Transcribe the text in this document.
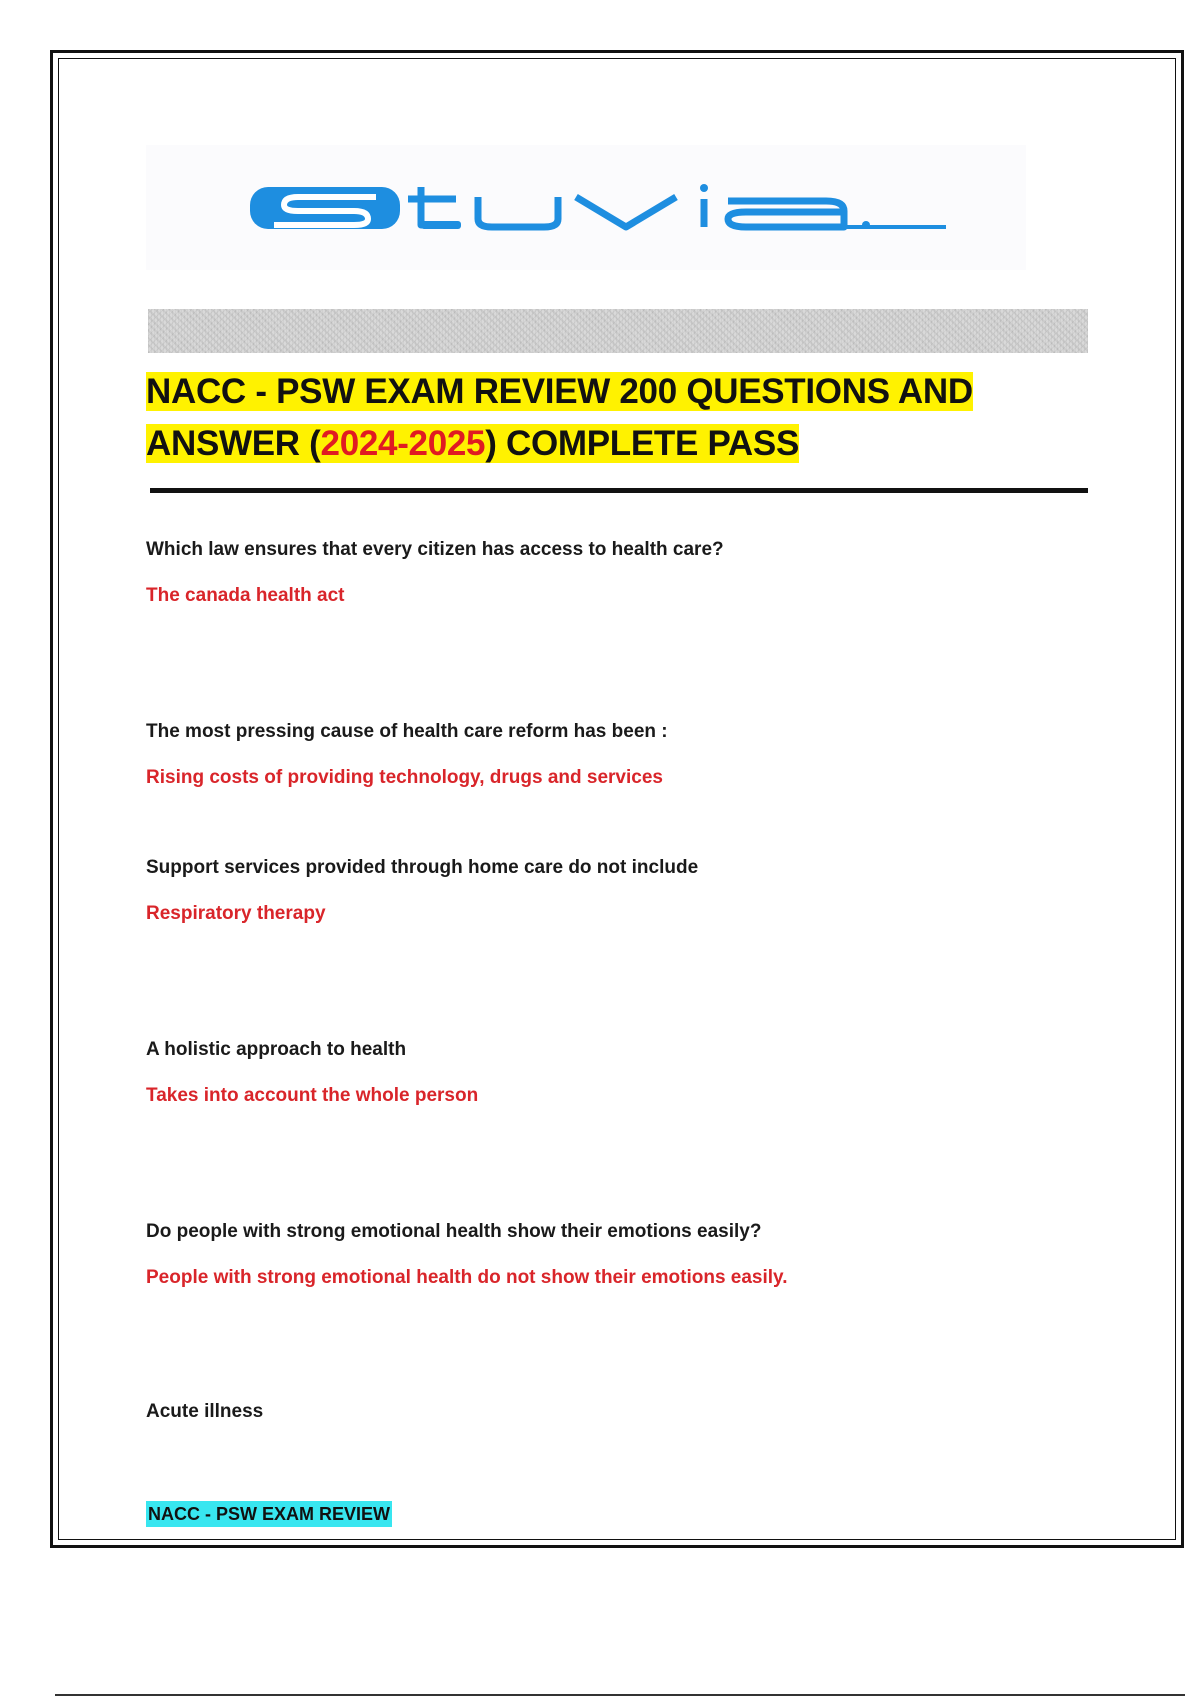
NACC - PSW EXAM REVIEW 200 QUESTIONS AND
ANSWER (2024-2025) COMPLETE PASS
Which law ensures that every citizen has access to health care?
The canada health act
The most pressing cause of health care reform has been :
Rising costs of providing technology, drugs and services
Support services provided through home care do not include
Respiratory therapy
A holistic approach to health
Takes into account the whole person
Do people with strong emotional health show their emotions easily?
People with strong emotional health do not show their emotions easily.
Acute illness
NACC - PSW EXAM REVIEW
